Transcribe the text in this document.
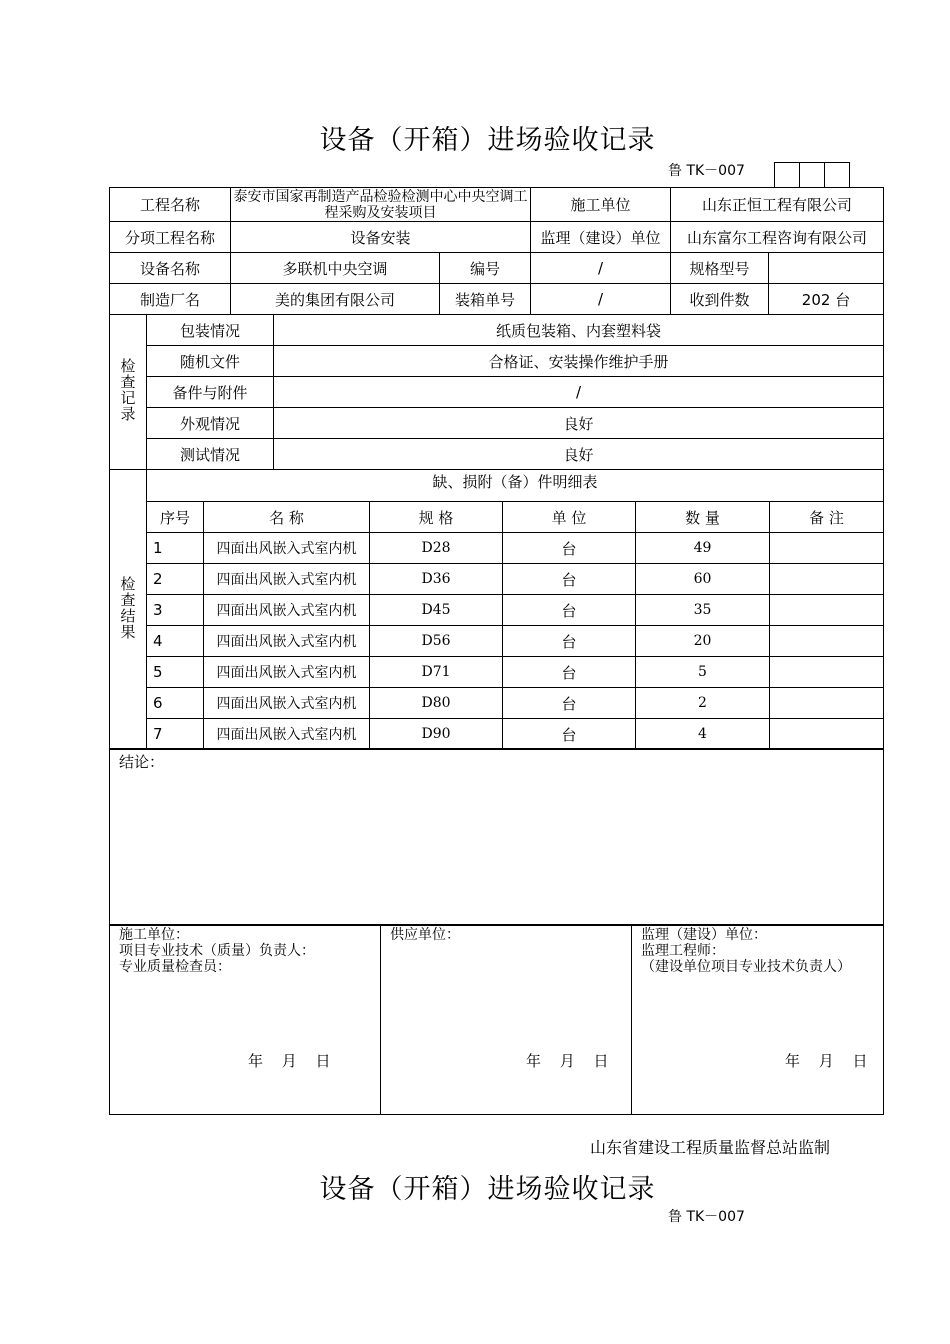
设备（开箱）进场验收记录
鲁 TK－007
工程名称	泰安市国家再制造产品检验检测中心中央空调工程采购及安装项目		施工单位	山东正恒工程有限公司	
分项工程名称	设备安装		监理（建设）单位	山东富尔工程咨询有限公司	
设备名称	多联机中央空调	编号	/	规格型号	
制造厂名	美的集团有限公司	装箱单号	/	收到件数	202 台
检查记录	包装情况	纸质包装箱、内套塑料袋
	随机文件	合格证、安装操作维护手册
	备件与附件	/
	外观情况	良好
	测试情况	良好
检查结果	缺、损附（备）件明细表					
	序号	名 称	规 格	单 位	数 量	备 注
	1	四面出风嵌入式室内机	D28	台	49	
	2	四面出风嵌入式室内机	D36	台	60	
	3	四面出风嵌入式室内机	D45	台	35	
	4	四面出风嵌入式室内机	D56	台	20	
	5	四面出风嵌入式室内机	D71	台	5	
	6	四面出风嵌入式室内机	D80	台	2	
	7	四面出风嵌入式室内机	D90	台	4	
结论：
施工单位：
项目专业技术（质量）负责人：
专业质量检查员：
年 月 日

供应单位：
年 月 日

监理（建设）单位：
监理工程师：
（建设单位项目专业技术负责人）
年 月 日
山东省建设工程质量监督总站监制
设备（开箱）进场验收记录
鲁 TK－007
